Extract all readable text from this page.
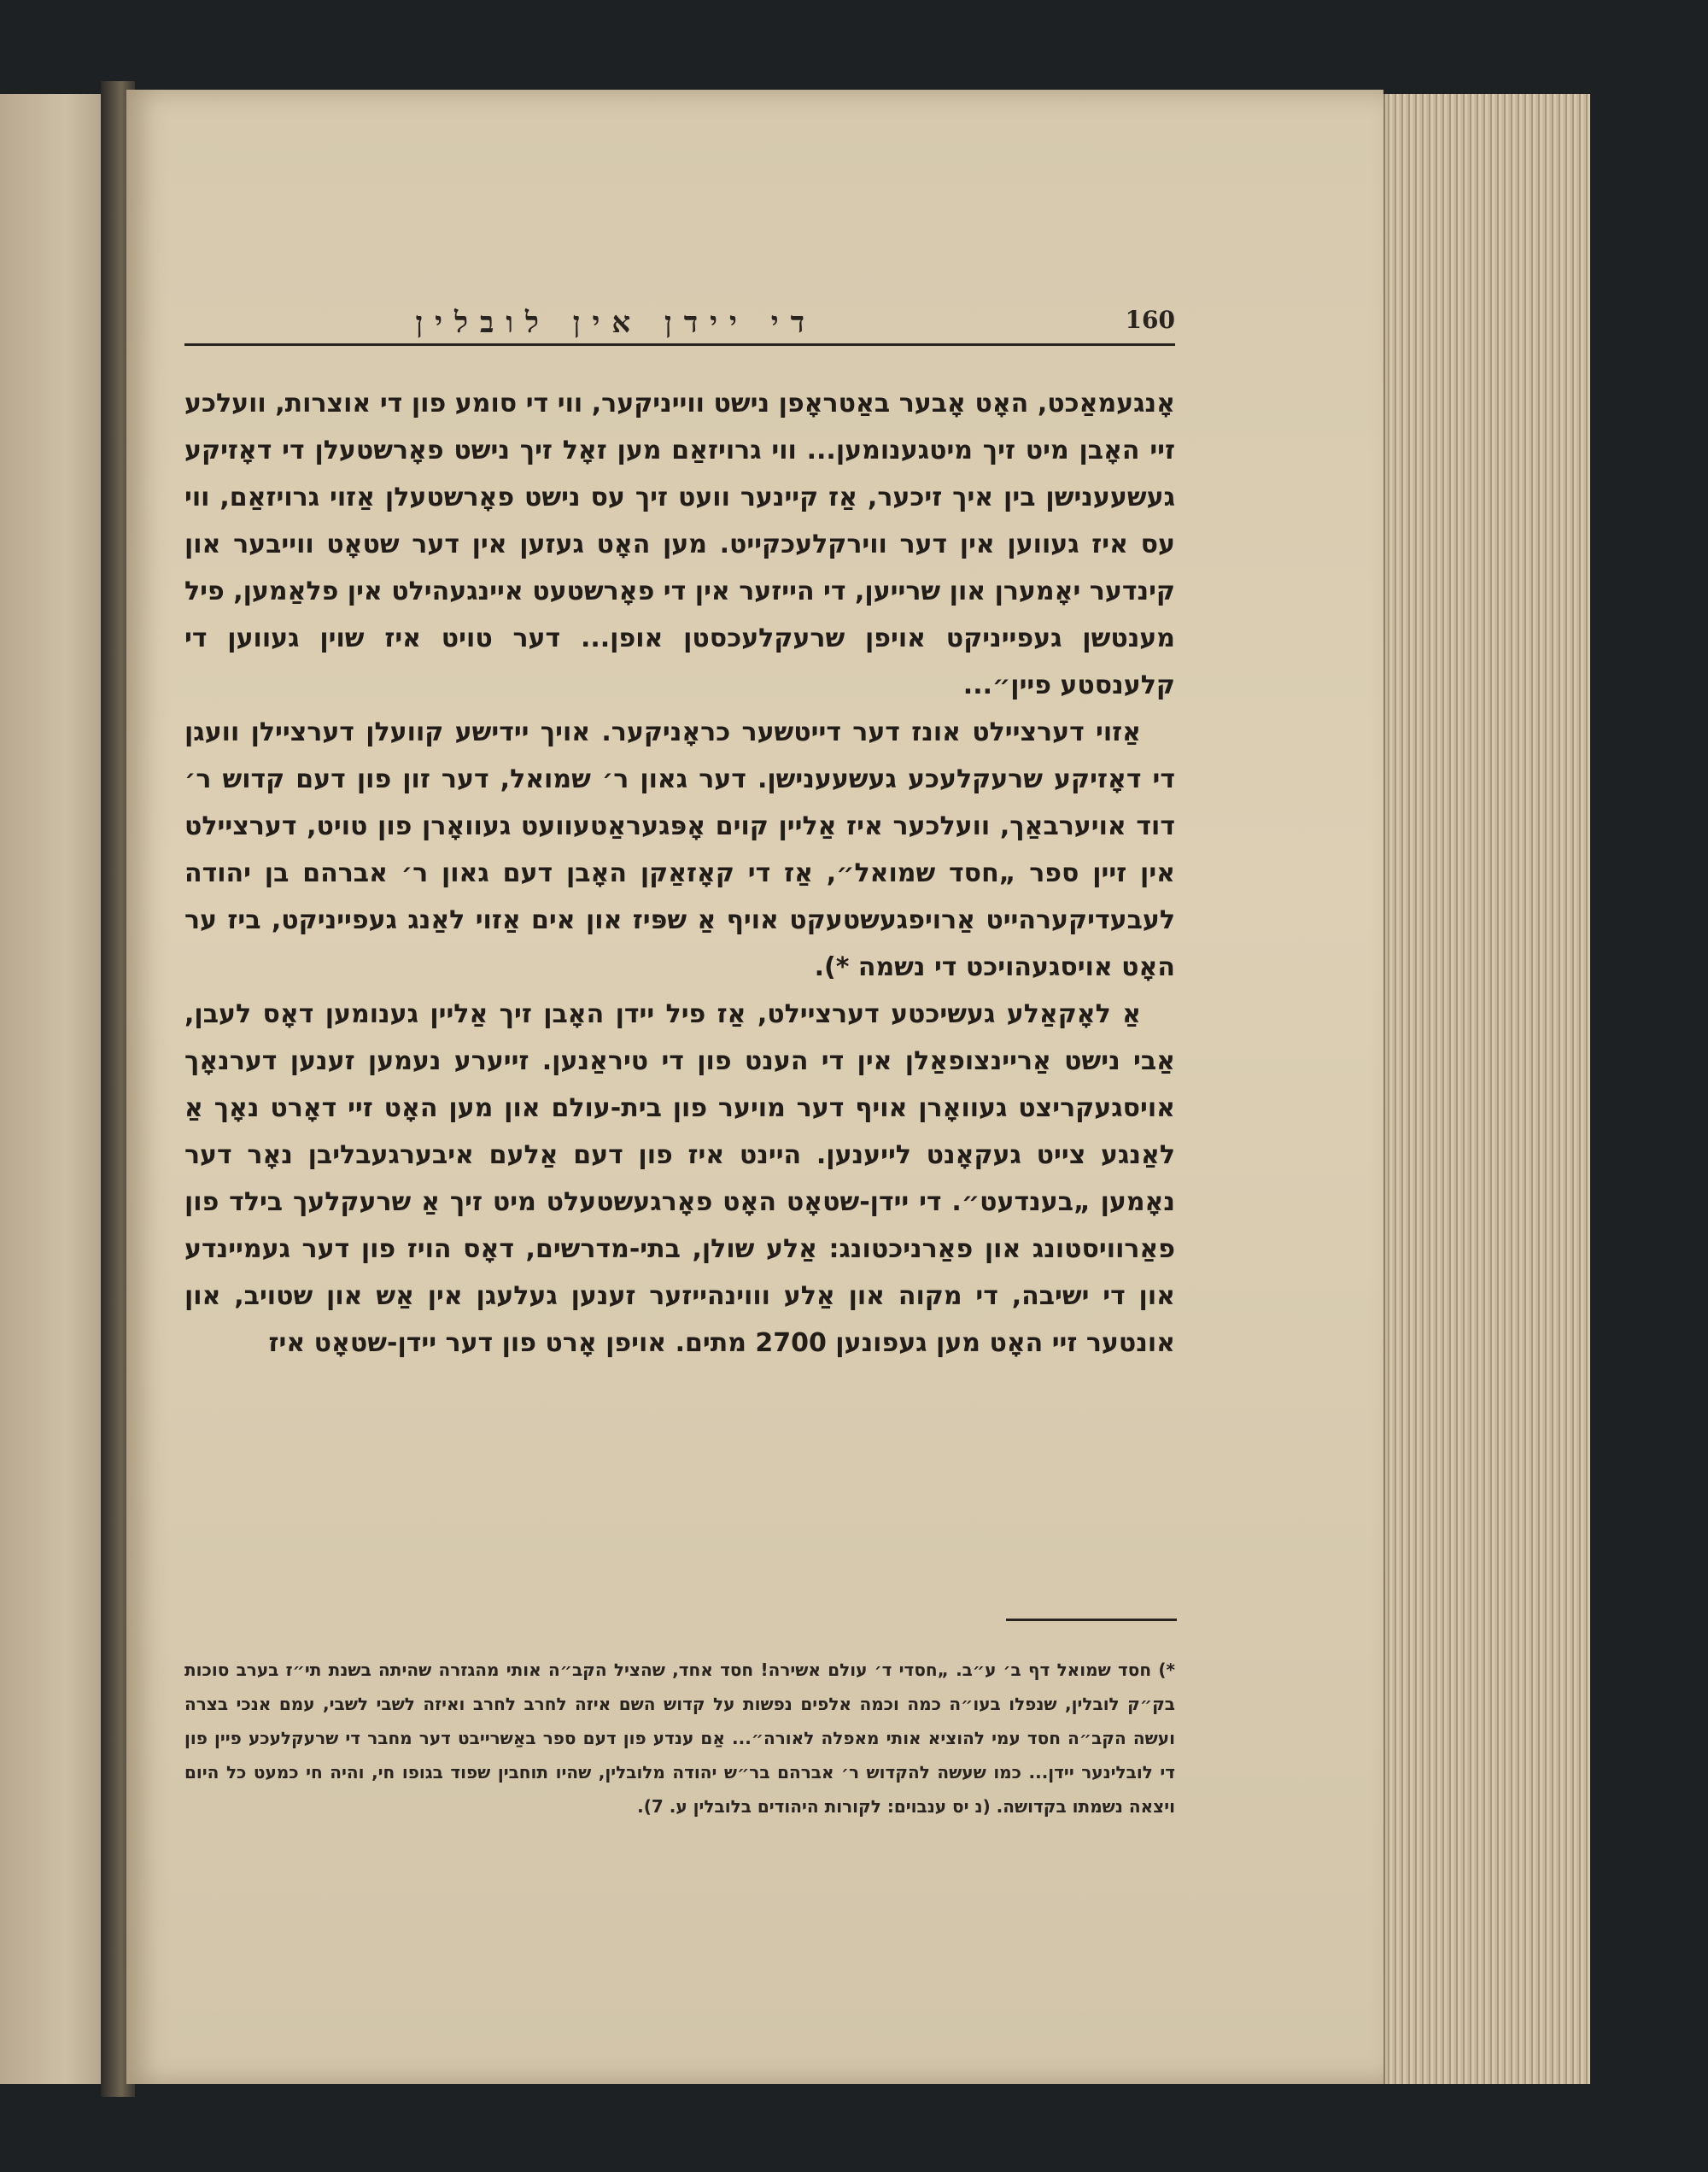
די יידן אין לובלין	160

אָנגעמאַכט, האָט אָבער באַטראָפן נישט ווייניקער, ווי די סומע פון די אוצרות, וועלכע זיי האָבן מיט זיך מיטגענומען... ווי גרויזאַם מען זאָל זיך נישט פאָרשטעלן די דאָזיקע געשעענישן בין איך זיכער, אַז קיינער וועט זיך עס נישט פאָרשטעלן אַזוי גרויזאַם, ווי עס איז געווען אין דער ווירקלעכקייט. מען האָט געזען אין דער שטאָט ווייבער און קינדער יאָמערן און שרייען, די הייזער אין די פאָרשטעט איינגעהילט אין פלאַמען, פיל מענטשן געפייניקט אויפן שרעקלעכסטן אופן... דער טויט איז שוין געווען די קלענסטע פיין״...

אַזוי דערציילט אונז דער דייטשער כראָניקער. אויך יידישע קוועלן דערציילן וועגן די דאָזיקע שרעקלעכע געשעענישן. דער גאון ר׳ שמואל, דער זון פון דעם קדוש ר׳ דוד אויערבאַך, וועלכער איז אַליין קוים אָפּגעראַטעוועט געוואָרן פון טויט, דערציילט אין זיין ספר „חסד שמואל״, אַז די קאָזאַקן האָבן דעם גאון ר׳ אברהם בן יהודה לעבעדיקערהייט אַרויפגעשטעקט אויף אַ שפּיז און אים אַזוי לאַנג געפייניקט, ביז ער האָט אויסגעהויכט די נשמה *).

אַ לאָקאַלע געשיכטע דערציילט, אַז פיל יידן האָבן זיך אַליין גענומען דאָס לעבן, אַבי נישט אַריינצופאַלן אין די הענט פון די טיראַנען. זייערע נעמען זענען דערנאָך אויסגעקריצט געוואָרן אויף דער מויער פון בית-עולם און מען האָט זיי דאָרט נאָך אַ לאַנגע צייט געקאָנט לייענען. היינט איז פון דעם אַלעם איבערגעבליבן נאָר דער נאָמען „בענדעט״. די יידן-שטאָט האָט פאָרגעשטעלט מיט זיך אַ שרעקלעך בילד פון פאַרוויסטונג און פאַרניכטונג: אַלע שולן, בתי-מדרשים, דאָס הויז פון דער געמיינדע און די ישיבה, די מקוה און אַלע וווינהייזער זענען געלעגן אין אַש און שטויב, און אונטער זיי האָט מען געפונען 2700 מתים. אויפן אָרט פון דער יידן-שטאָט איז

*) חסד שמואל דף ב׳ ע״ב. „חסדי ד׳ עולם אשירה! חסד אחד, שהציל הקב״ה אותי מהגזרה שהיתה בשנת תי״ז בערב סוכות בק״ק לובלין, שנפלו בעו״ה כמה וכמה אלפים נפשות על קדוש השם איזה לחרב לחרב ואיזה לשבי לשבי, עמם אנכי בצרה ועשה הקב״ה חסד עמי להוציא אותי מאפלה לאורה״... אַם ענדע פון דעם ספר באַשרייבט דער מחבר די שרעקלעכע פיין פון די לובלינער יידן... כמו שעשה להקדוש ר׳ אברהם בר״ש יהודה מלובלין, שהיו תוחבין שפוד בגופו חי, והיה חי כמעט כל היום ויצאה נשמתו בקדושה. (נ יס ענבוים: לקורות היהודים בלובלין ע. 7).
